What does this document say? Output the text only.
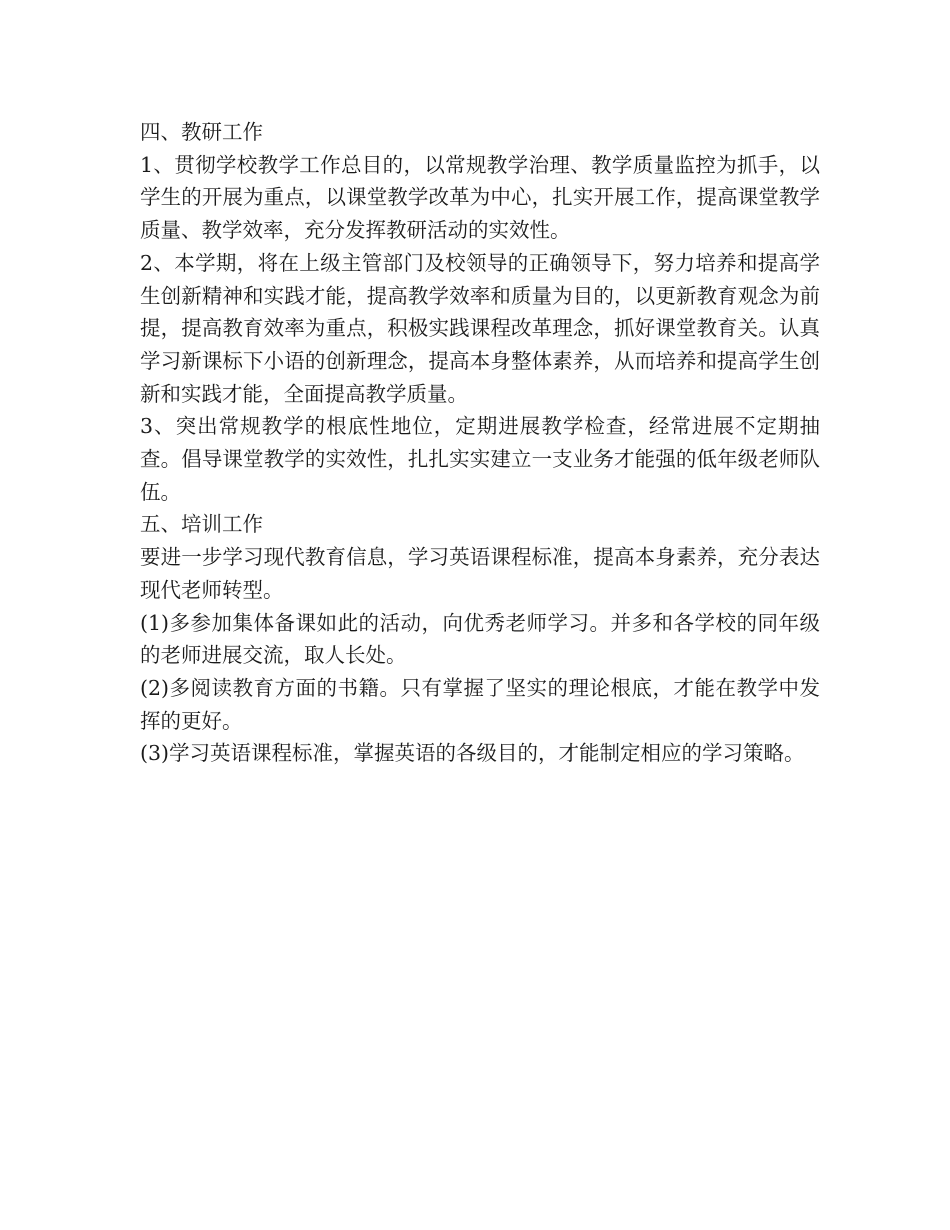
四、教研工作

1、贯彻学校教学工作总目的，以常规教学治理、教学质量监控为抓手，以学生的开展为重点，以课堂教学改革为中心，扎实开展工作，提高课堂教学质量、教学效率，充分发挥教研活动的实效性。

2、本学期，将在上级主管部门及校领导的正确领导下，努力培养和提高学生创新精神和实践才能，提高教学效率和质量为目的，以更新教育观念为前提，提高教育效率为重点，积极实践课程改革理念，抓好课堂教育关。认真学习新课标下小语的创新理念，提高本身整体素养，从而培养和提高学生创新和实践才能，全面提高教学质量。

3、突出常规教学的根底性地位，定期进展教学检查，经常进展不定期抽查。倡导课堂教学的实效性，扎扎实实建立一支业务才能强的低年级老师队伍。

五、培训工作

要进一步学习现代教育信息，学习英语课程标准，提高本身素养，充分表达现代老师转型。

(1)多参加集体备课如此的活动，向优秀老师学习。并多和各学校的同年级的老师进展交流，取人长处。

(2)多阅读教育方面的书籍。只有掌握了坚实的理论根底，才能在教学中发挥的更好。

(3)学习英语课程标准，掌握英语的各级目的，才能制定相应的学习策略。
